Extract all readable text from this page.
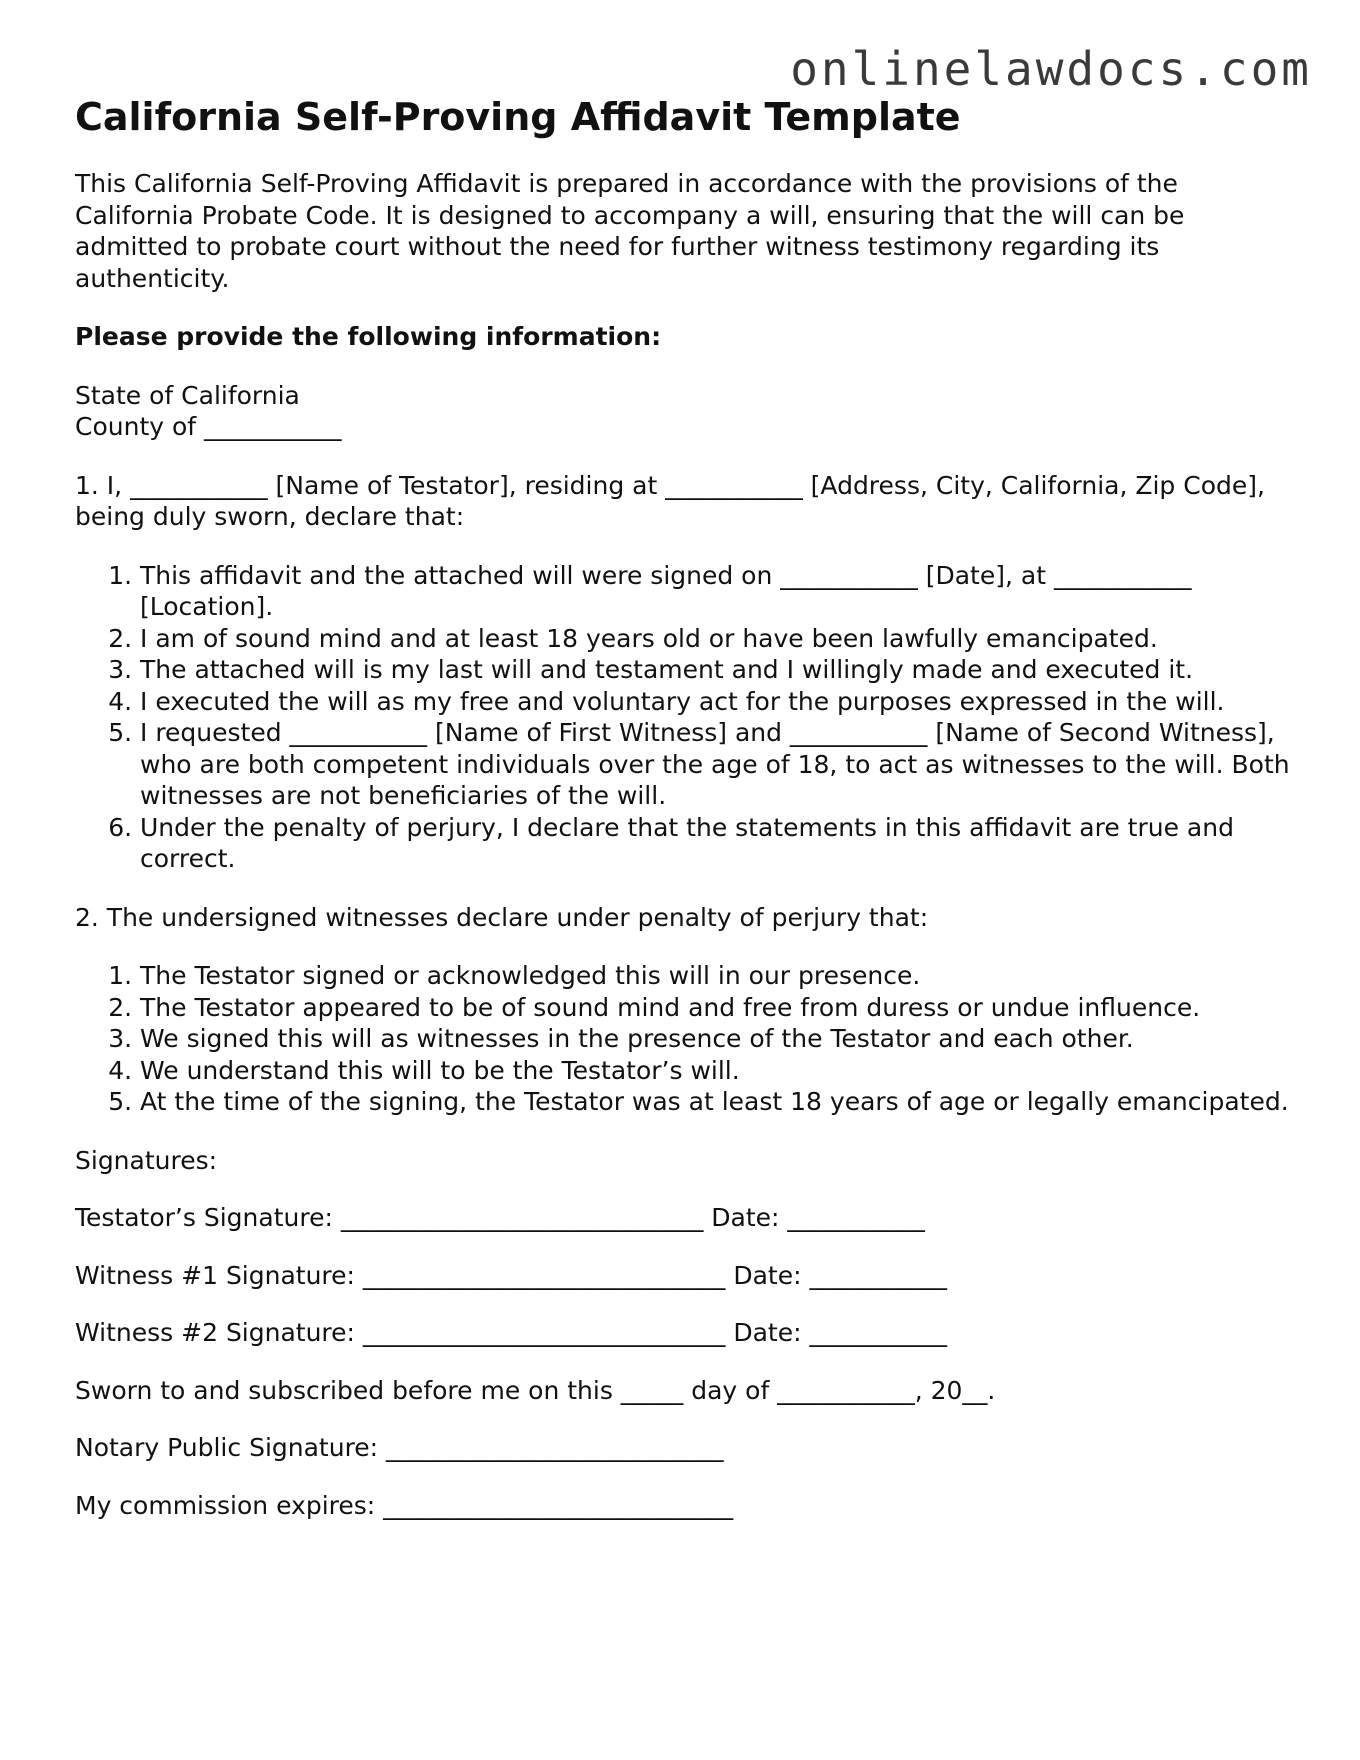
onlinelawdocs.com
California Self-Proving Affidavit Template

This California Self-Proving Affidavit is prepared in accordance with the provisions of the California Probate Code. It is designed to accompany a will, ensuring that the will can be admitted to probate court without the need for further witness testimony regarding its authenticity.

Please provide the following information:

State of California

County of ___________

1. I, ___________ [Name of Testator], residing at ___________ [Address, City, California, Zip Code], being duly sworn, declare that:

1. This affidavit and the attached will were signed on ___________ [Date], at ___________ [Location].
2. I am of sound mind and at least 18 years old or have been lawfully emancipated.
3. The attached will is my last will and testament and I willingly made and executed it.
4. I executed the will as my free and voluntary act for the purposes expressed in the will.
5. I requested ___________ [Name of First Witness] and ___________ [Name of Second Witness], who are both competent individuals over the age of 18, to act as witnesses to the will. Both witnesses are not beneficiaries of the will.
6. Under the penalty of perjury, I declare that the statements in this affidavit are true and correct.

2. The undersigned witnesses declare under penalty of perjury that:

1. The Testator signed or acknowledged this will in our presence.
2. The Testator appeared to be of sound mind and free from duress or undue influence.
3. We signed this will as witnesses in the presence of the Testator and each other.
4. We understand this will to be the Testator’s will.
5. At the time of the signing, the Testator was at least 18 years of age or legally emancipated.

Signatures:

Testator’s Signature: _____________________________ Date: ___________

Witness #1 Signature: _____________________________ Date: ___________

Witness #2 Signature: _____________________________ Date: ___________

Sworn to and subscribed before me on this _____ day of ___________, 20__.

Notary Public Signature: ___________________________

My commission expires: ____________________________
